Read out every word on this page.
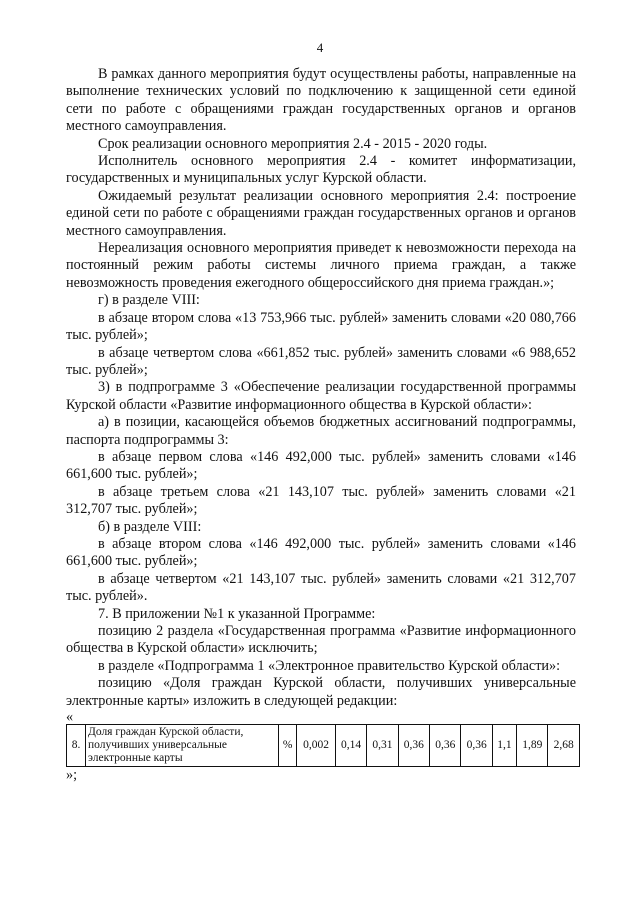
4

В рамках данного мероприятия будут осуществлены работы, направленные на выполнение технических условий по подключению к защищенной сети единой сети по работе с обращениями граждан государственных органов и органов местного самоуправления.

Срок реализации основного мероприятия 2.4 - 2015 - 2020 годы.

Исполнитель основного мероприятия 2.4 - комитет информатизации, государственных и муниципальных услуг Курской области.

Ожидаемый результат реализации основного мероприятия 2.4: построение единой сети по работе с обращениями граждан государственных органов и органов местного самоуправления.

Нереализация основного мероприятия приведет к невозможности перехода на постоянный режим работы системы личного приема граждан, а также невозможность проведения ежегодного общероссийского дня приема граждан.»;

г) в разделе VIII:

в абзаце втором слова «13 753,966 тыс. рублей» заменить словами «20 080,766 тыс. рублей»;

в абзаце четвертом слова «661,852 тыс. рублей» заменить словами «6 988,652 тыс. рублей»;

3) в подпрограмме 3 «Обеспечение реализации государственной программы Курской области «Развитие информационного общества в Курской области»:

а) в позиции, касающейся объемов бюджетных ассигнований подпрограммы, паспорта подпрограммы 3:

в абзаце первом слова «146 492,000 тыс. рублей» заменить словами «146 661,600 тыс. рублей»;

в абзаце третьем слова «21 143,107 тыс. рублей» заменить словами «21 312,707 тыс. рублей»;

б) в разделе VIII:

в абзаце втором слова «146 492,000 тыс. рублей» заменить словами «146 661,600 тыс. рублей»;

в абзаце четвертом «21 143,107 тыс. рублей» заменить словами «21 312,707 тыс. рублей».

7. В приложении №1 к указанной Программе:

позицию 2 раздела «Государственная программа «Развитие информационного общества в Курской области» исключить;

в разделе «Подпрограмма 1 «Электронное правительство Курской области»:

позицию «Доля граждан Курской области, получивших универсальные электронные карты» изложить в следующей редакции:

«

8.	Доля граждан Курской области, получивших универсальные электронные карты	%	0,002	0,14	0,31	0,36	0,36	0,36	1,1	1,89	2,68

»;
